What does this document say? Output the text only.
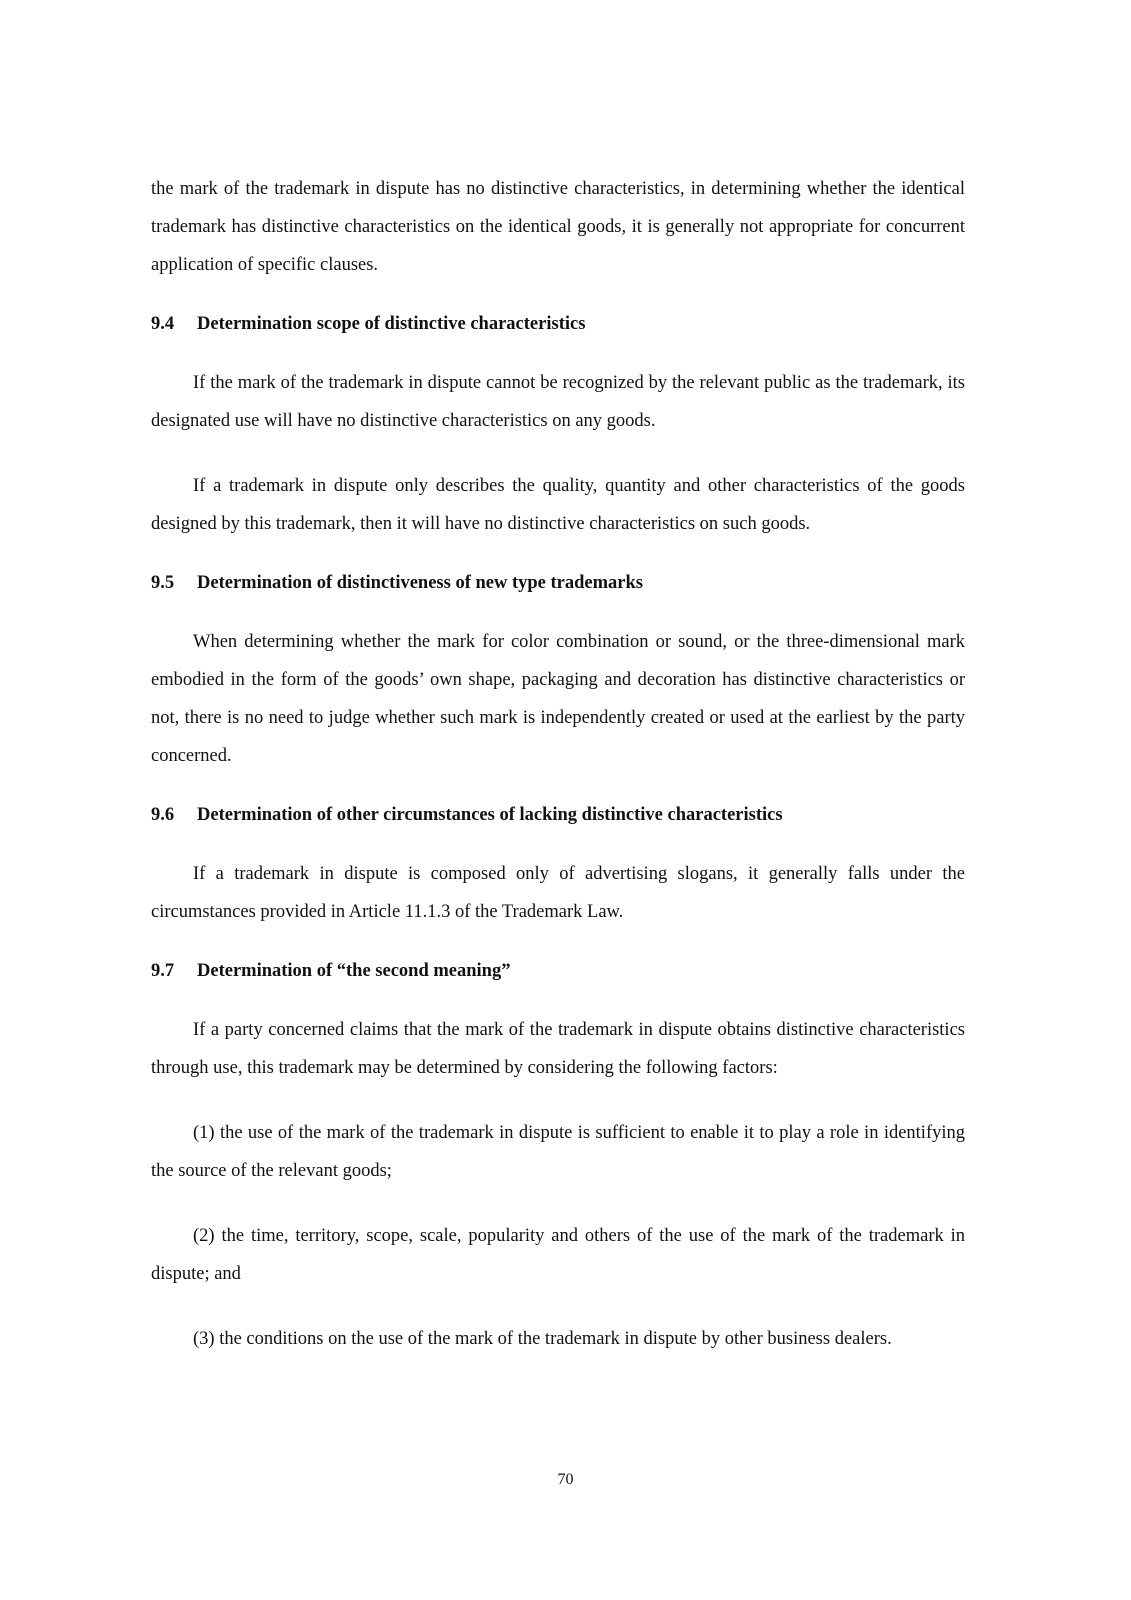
the mark of the trademark in dispute has no distinctive characteristics, in determining whether the identical trademark has distinctive characteristics on the identical goods, it is generally not appropriate for concurrent application of specific clauses.

9.4	Determination scope of distinctive characteristics

If the mark of the trademark in dispute cannot be recognized by the relevant public as the trademark, its designated use will have no distinctive characteristics on any goods.

If a trademark in dispute only describes the quality, quantity and other characteristics of the goods designed by this trademark, then it will have no distinctive characteristics on such goods.

9.5	Determination of distinctiveness of new type trademarks

When determining whether the mark for color combination or sound, or the three-dimensional mark embodied in the form of the goods’ own shape, packaging and decoration has distinctive characteristics or not, there is no need to judge whether such mark is independently created or used at the earliest by the party concerned.

9.6	Determination of other circumstances of lacking distinctive characteristics

If a trademark in dispute is composed only of advertising slogans, it generally falls under the circumstances provided in Article 11.1.3 of the Trademark Law.

9.7	Determination of “the second meaning”

If a party concerned claims that the mark of the trademark in dispute obtains distinctive characteristics through use, this trademark may be determined by considering the following factors:

(1) the use of the mark of the trademark in dispute is sufficient to enable it to play a role in identifying the source of the relevant goods;

(2) the time, territory, scope, scale, popularity and others of the use of the mark of the trademark in dispute; and

(3) the conditions on the use of the mark of the trademark in dispute by other business dealers.

70
